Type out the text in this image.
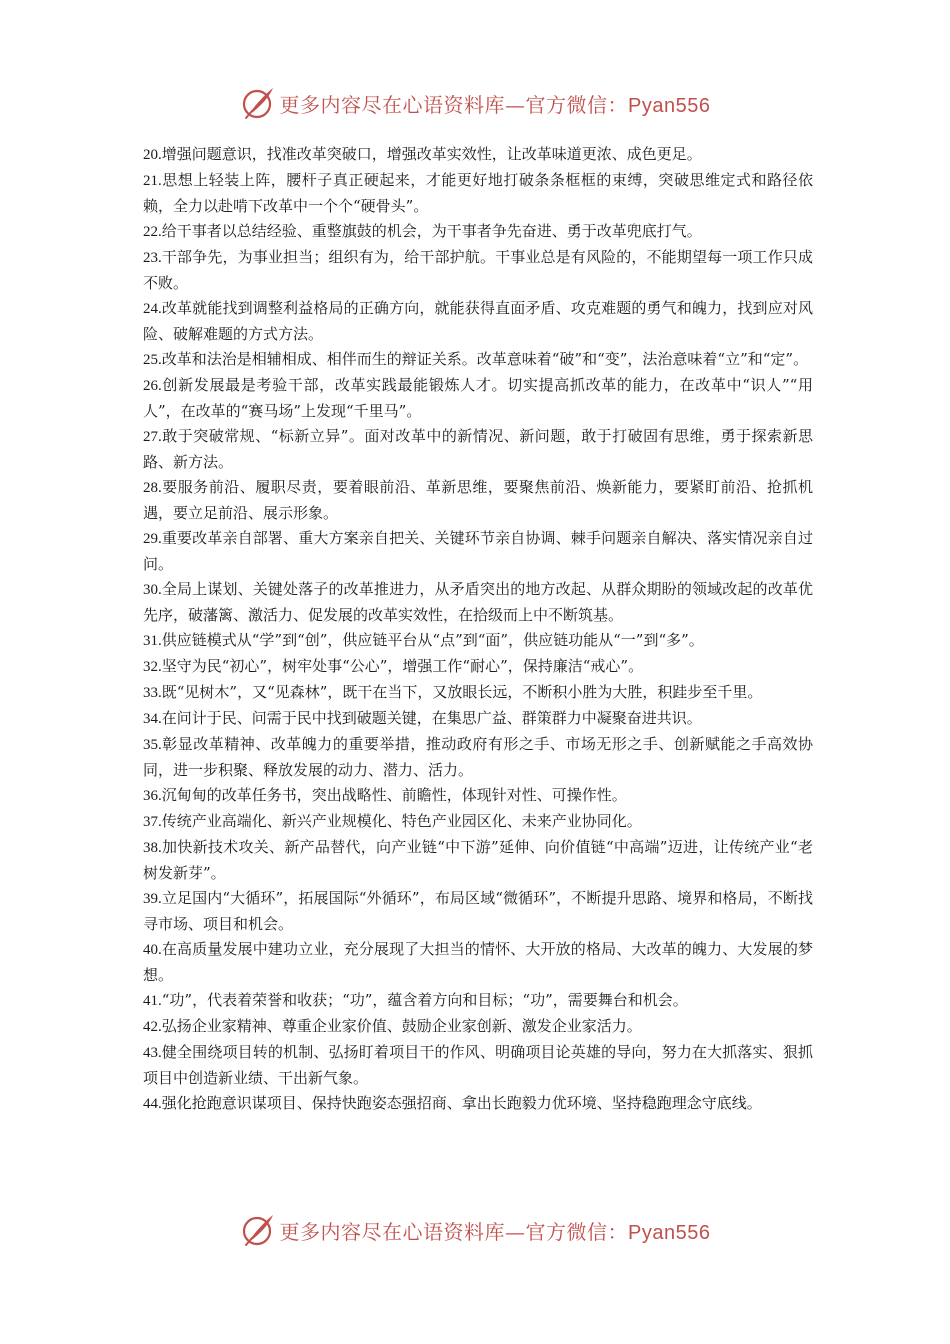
更多内容尽在心语资料库—官方微信：Pyan556

20.增强问题意识，找准改革突破口，增强改革实效性，让改革味道更浓、成色更足。

21.思想上轻装上阵，腰杆子真正硬起来，才能更好地打破条条框框的束缚，突破思维定式和路径依赖，全力以赴啃下改革中一个个“硬骨头”。

22.给干事者以总结经验、重整旗鼓的机会，为干事者争先奋进、勇于改革兜底打气。

23.干部争先，为事业担当；组织有为，给干部护航。干事业总是有风险的，不能期望每一项工作只成不败。

24.改革就能找到调整利益格局的正确方向，就能获得直面矛盾、攻克难题的勇气和魄力，找到应对风险、破解难题的方式方法。

25.改革和法治是相辅相成、相伴而生的辩证关系。改革意味着“破”和“变”，法治意味着“立”和“定”。

26.创新发展最是考验干部，改革实践最能锻炼人才。切实提高抓改革的能力，在改革中“识人”“用人”，在改革的“赛马场”上发现“千里马”。

27.敢于突破常规、“标新立异”。面对改革中的新情况、新问题，敢于打破固有思维，勇于探索新思路、新方法。

28.要服务前沿、履职尽责，要着眼前沿、革新思维，要聚焦前沿、焕新能力，要紧盯前沿、抢抓机遇，要立足前沿、展示形象。

29.重要改革亲自部署、重大方案亲自把关、关键环节亲自协调、棘手问题亲自解决、落实情况亲自过问。

30.全局上谋划、关键处落子的改革推进力，从矛盾突出的地方改起、从群众期盼的领域改起的改革优先序，破藩篱、激活力、促发展的改革实效性，在拾级而上中不断筑基。

31.供应链模式从“学”到“创”，供应链平台从“点”到“面”，供应链功能从“一”到“多”。

32.坚守为民“初心”，树牢处事“公心”，增强工作“耐心”，保持廉洁“戒心”。

33.既“见树木”，又“见森林”，既干在当下，又放眼长远，不断积小胜为大胜，积跬步至千里。

34.在问计于民、问需于民中找到破题关键，在集思广益、群策群力中凝聚奋进共识。

35.彰显改革精神、改革魄力的重要举措，推动政府有形之手、市场无形之手、创新赋能之手高效协同，进一步积聚、释放发展的动力、潜力、活力。

36.沉甸甸的改革任务书，突出战略性、前瞻性，体现针对性、可操作性。

37.传统产业高端化、新兴产业规模化、特色产业园区化、未来产业协同化。

38.加快新技术攻关、新产品替代，向产业链“中下游”延伸、向价值链“中高端”迈进，让传统产业“老树发新芽”。

39.立足国内“大循环”，拓展国际“外循环”，布局区域“微循环”，不断提升思路、境界和格局，不断找寻市场、项目和机会。

40.在高质量发展中建功立业，充分展现了大担当的情怀、大开放的格局、大改革的魄力、大发展的梦想。

41.“功”，代表着荣誉和收获；“功”，蕴含着方向和目标；“功”，需要舞台和机会。

42.弘扬企业家精神、尊重企业家价值、鼓励企业家创新、激发企业家活力。

43.健全围绕项目转的机制、弘扬盯着项目干的作风、明确项目论英雄的导向，努力在大抓落实、狠抓项目中创造新业绩、干出新气象。

44.强化抢跑意识谋项目、保持快跑姿态强招商、拿出长跑毅力优环境、坚持稳跑理念守底线。

更多内容尽在心语资料库—官方微信：Pyan556
